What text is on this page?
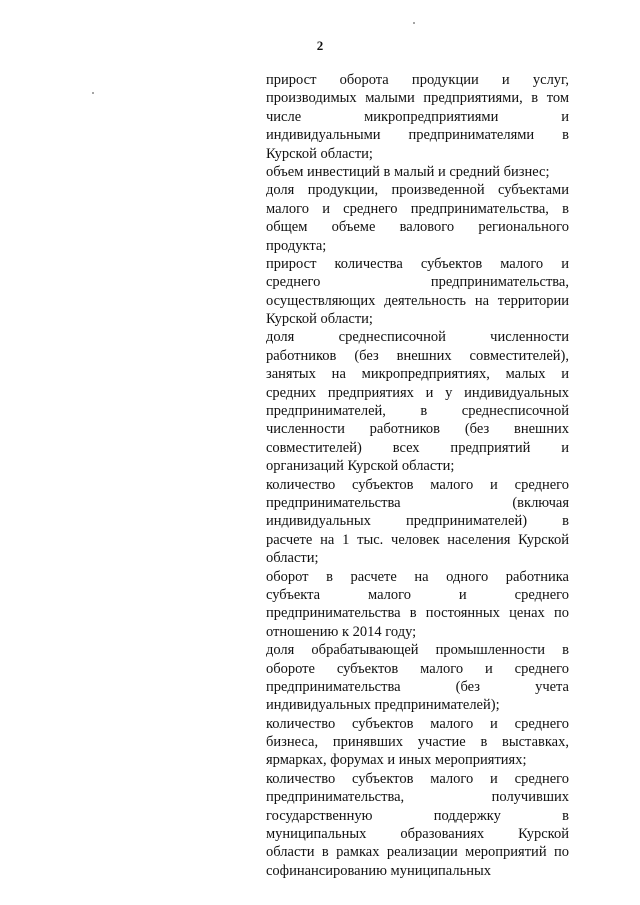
2
прирост оборота продукции и услуг,
производимых малыми предприятиями, в том
числе микропредприятиями и
индивидуальными предпринимателями в
Курской области;
объем инвестиций в малый и средний бизнес;
доля продукции, произведенной субъектами
малого и среднего предпринимательства, в
общем объеме валового регионального
продукта;
прирост количества субъектов малого и
среднего предпринимательства,
осуществляющих деятельность на территории
Курской области;
доля среднесписочной численности
работников (без внешних совместителей),
занятых на микропредприятиях, малых и
средних предприятиях и у индивидуальных
предпринимателей, в среднесписочной
численности работников (без внешних
совместителей) всех предприятий и
организаций Курской области;
количество субъектов малого и среднего
предпринимательства (включая
индивидуальных предпринимателей) в
расчете на 1 тыс. человек населения Курской
области;
оборот в расчете на одного работника
субъекта малого и среднего
предпринимательства в постоянных ценах по
отношению к 2014 году;
доля обрабатывающей промышленности в
обороте субъектов малого и среднего
предпринимательства (без учета
индивидуальных предпринимателей);
количество субъектов малого и среднего
бизнеса, принявших участие в выставках,
ярмарках, форумах и иных мероприятиях;
количество субъектов малого и среднего
предпринимательства, получивших
государственную поддержку в
муниципальных образованиях Курской
области в рамках реализации мероприятий по
софинансированию муниципальных
